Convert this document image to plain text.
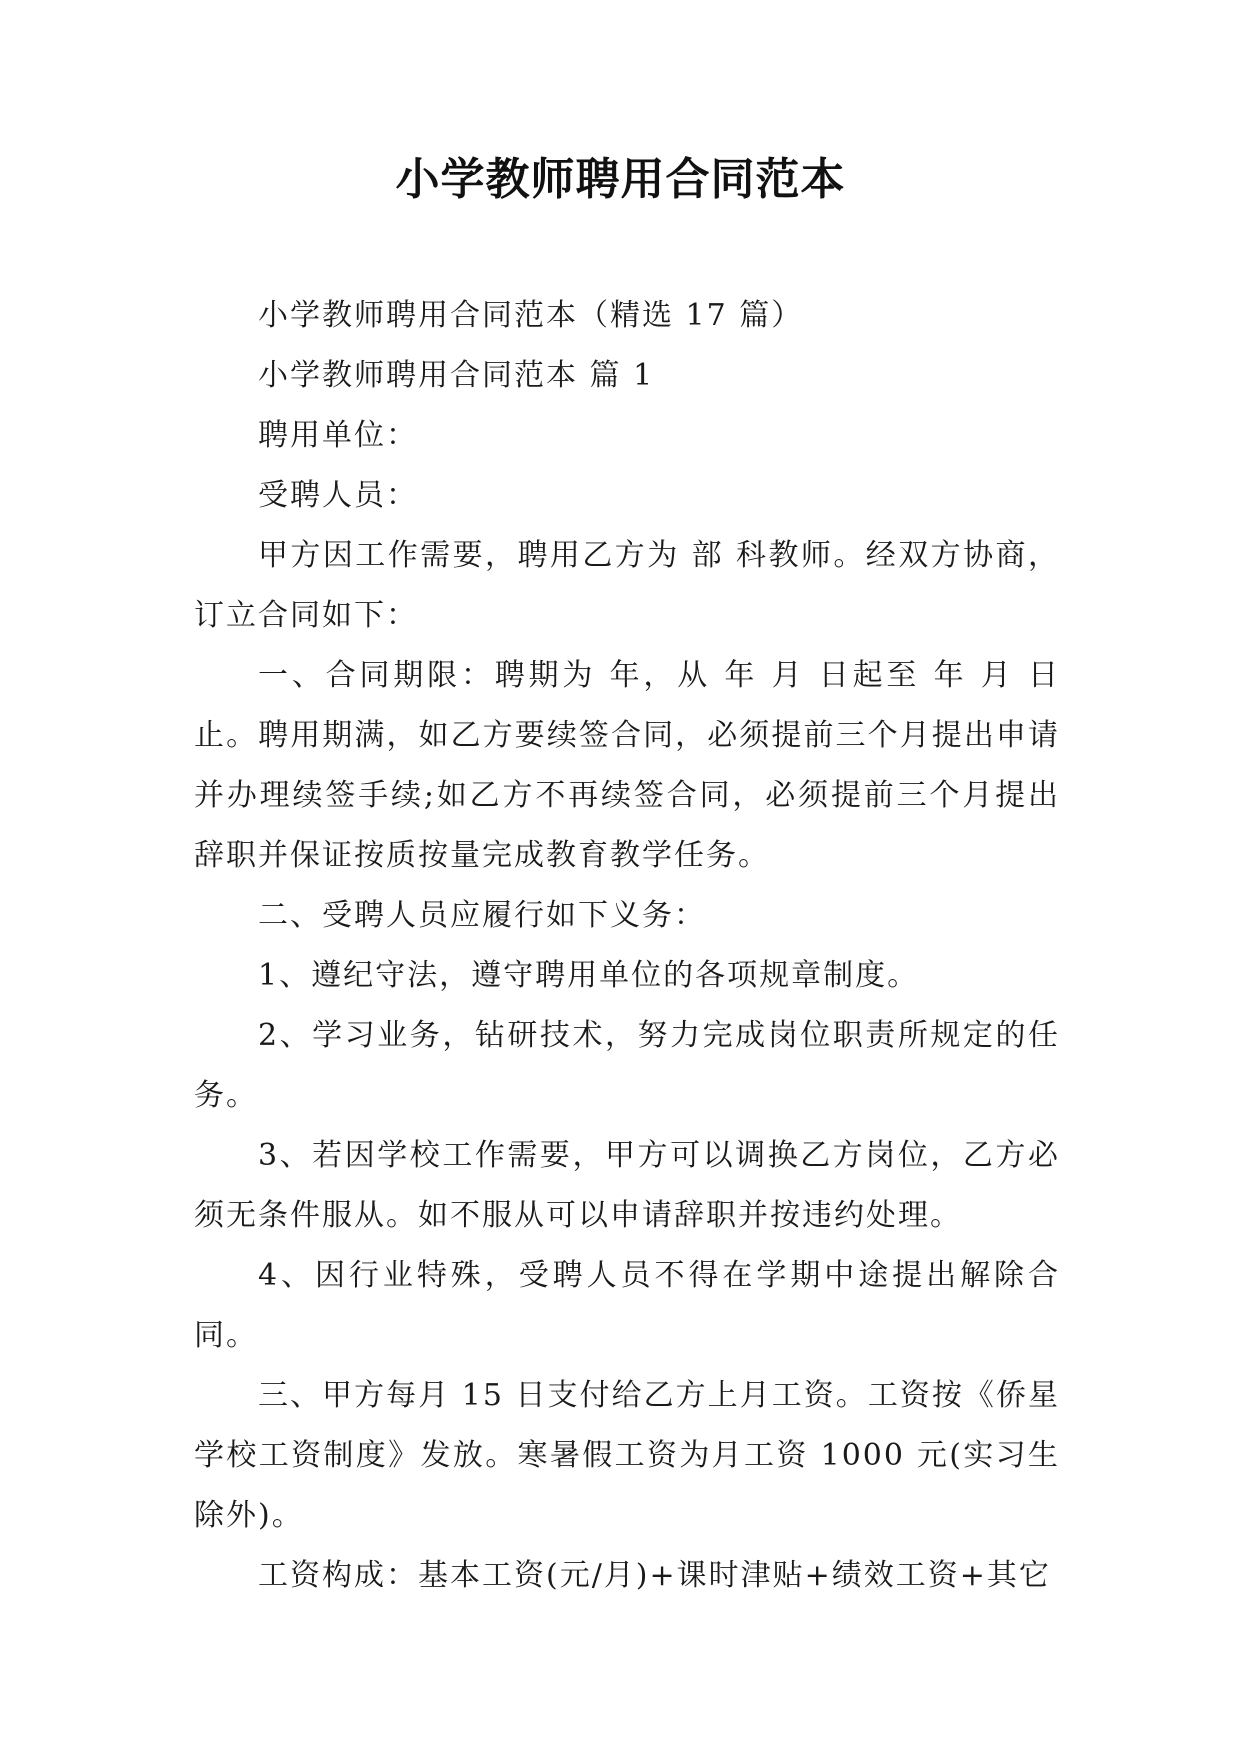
小学教师聘用合同范本

小学教师聘用合同范本（精选 17 篇）

小学教师聘用合同范本 篇 1

聘用单位：

受聘人员：

甲方因工作需要，聘用乙方为 部 科教师。经双方协商，订立合同如下：

一、合同期限：聘期为 年，从 年 月 日起至 年 月 日止。聘用期满，如乙方要续签合同，必须提前三个月提出申请并办理续签手续;如乙方不再续签合同，必须提前三个月提出辞职并保证按质按量完成教育教学任务。

二、受聘人员应履行如下义务：

1、遵纪守法，遵守聘用单位的各项规章制度。

2、学习业务，钻研技术，努力完成岗位职责所规定的任务。

3、若因学校工作需要，甲方可以调换乙方岗位，乙方必须无条件服从。如不服从可以申请辞职并按违约处理。

4、因行业特殊，受聘人员不得在学期中途提出解除合同。

三、甲方每月 15 日支付给乙方上月工资。工资按《侨星学校工资制度》发放。寒暑假工资为月工资 1000 元(实习生除外)。

工资构成：基本工资(元/月)+课时津贴+绩效工资+其它
